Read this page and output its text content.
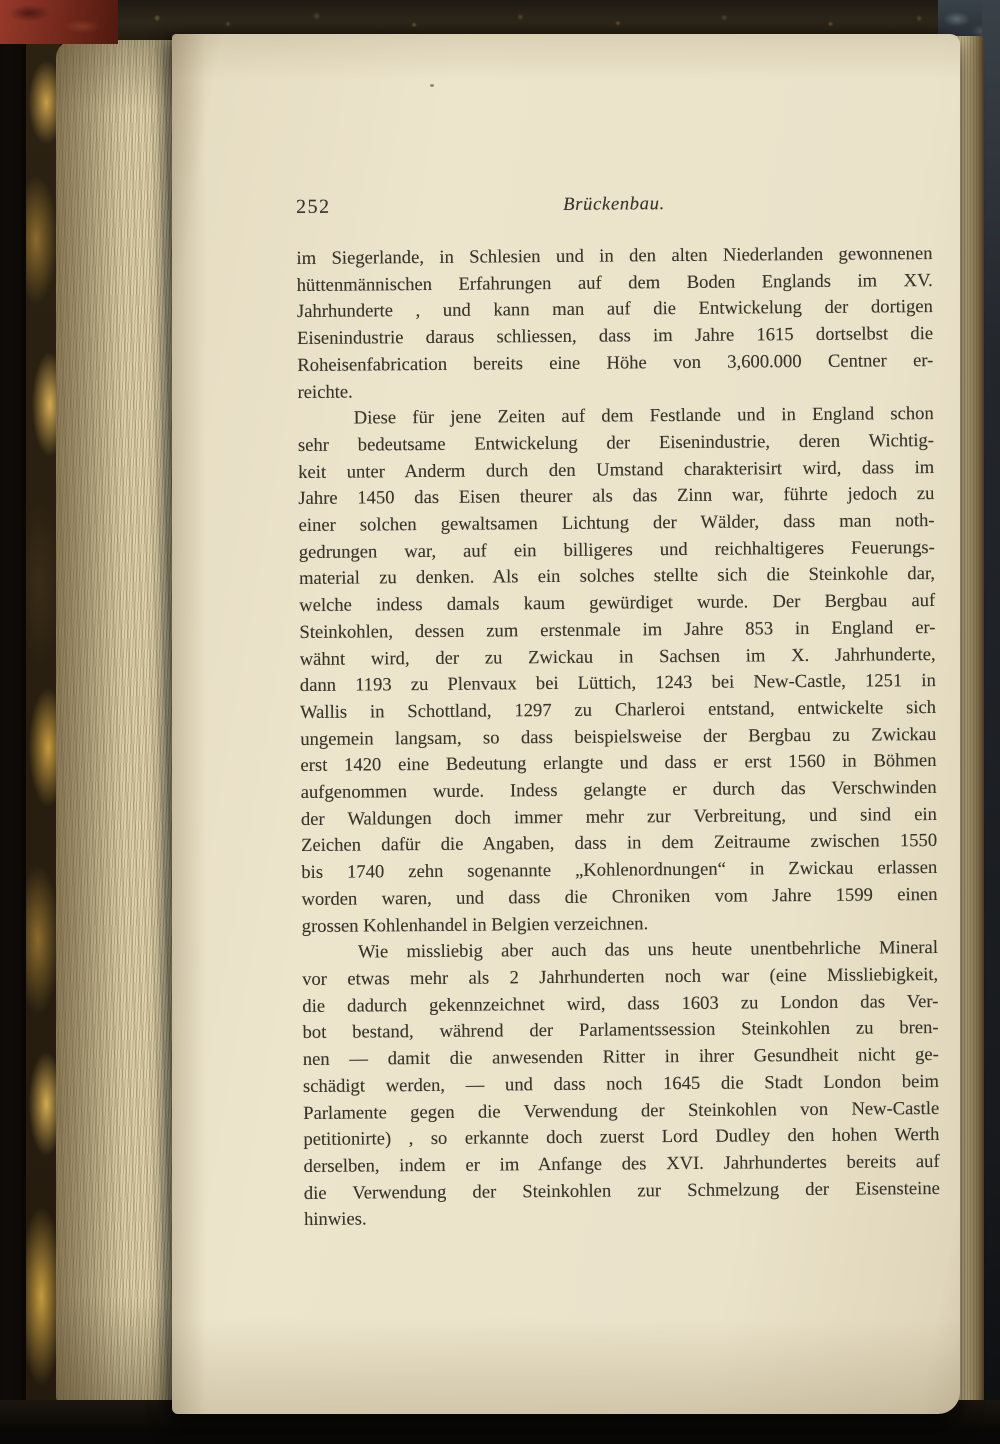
252	Brückenbau.
im Siegerlande, in Schlesien und in den alten Niederlanden gewonnenen
hüttenmännischen Erfahrungen auf dem Boden Englands im XV.
Jahrhunderte , und kann man auf die Entwickelung der dortigen
Eisenindustrie daraus schliessen, dass im Jahre 1615 dortselbst die
Roheisenfabrication bereits eine Höhe von 3,600.000 Centner er-
reichte.
Diese für jene Zeiten auf dem Festlande und in England schon
sehr bedeutsame Entwickelung der Eisenindustrie, deren Wichtig-
keit unter Anderm durch den Umstand charakterisirt wird, dass im
Jahre 1450 das Eisen theurer als das Zinn war, führte jedoch zu
einer solchen gewaltsamen Lichtung der Wälder, dass man noth-
gedrungen war, auf ein billigeres und reichhaltigeres Feuerungs-
material zu denken. Als ein solches stellte sich die Steinkohle dar,
welche indess damals kaum gewürdiget wurde. Der Bergbau auf
Steinkohlen, dessen zum erstenmale im Jahre 853 in England er-
wähnt wird, der zu Zwickau in Sachsen im X. Jahrhunderte,
dann 1193 zu Plenvaux bei Lüttich, 1243 bei New-Castle, 1251 in
Wallis in Schottland, 1297 zu Charleroi entstand, entwickelte sich
ungemein langsam, so dass beispielsweise der Bergbau zu Zwickau
erst 1420 eine Bedeutung erlangte und dass er erst 1560 in Böhmen
aufgenommen wurde. Indess gelangte er durch das Verschwinden
der Waldungen doch immer mehr zur Verbreitung, und sind ein
Zeichen dafür die Angaben, dass in dem Zeitraume zwischen 1550
bis 1740 zehn sogenannte „Kohlenordnungen“ in Zwickau erlassen
worden waren, und dass die Chroniken vom Jahre 1599 einen
grossen Kohlenhandel in Belgien verzeichnen.
Wie missliebig aber auch das uns heute unentbehrliche Mineral
vor etwas mehr als 2 Jahrhunderten noch war (eine Missliebigkeit,
die dadurch gekennzeichnet wird, dass 1603 zu London das Ver-
bot bestand, während der Parlamentssession Steinkohlen zu bren-
nen — damit die anwesenden Ritter in ihrer Gesundheit nicht ge-
schädigt werden, — und dass noch 1645 die Stadt London beim
Parlamente gegen die Verwendung der Steinkohlen von New-Castle
petitionirte) , so erkannte doch zuerst Lord Dudley den hohen Werth
derselben, indem er im Anfange des XVI. Jahrhundertes bereits auf
die Verwendung der Steinkohlen zur Schmelzung der Eisensteine
hinwies.
